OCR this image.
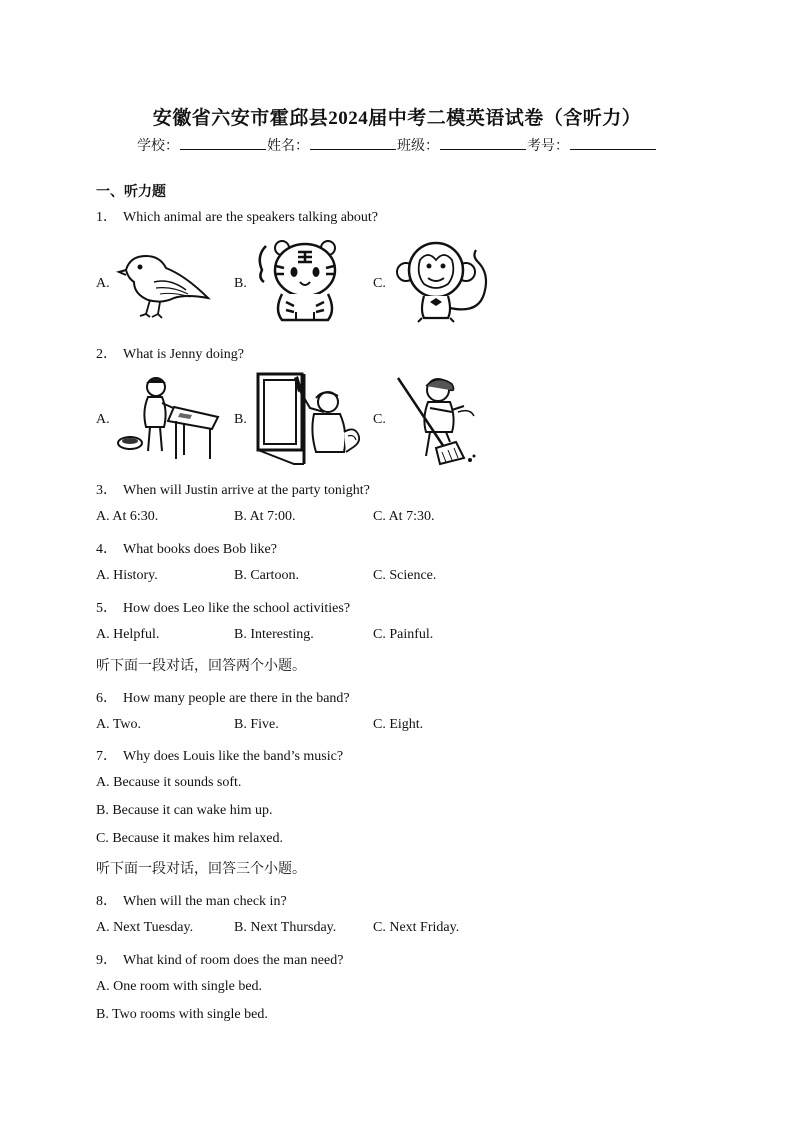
安徽省六安市霍邱县2024届中考二模英语试卷（含听力）
学校：	姓名：	班级：	考号：
一、听力题
1． Which animal are the speakers talking about?
A.	B.	C.
2． What is Jenny doing?
A.	B.	C.
3． When will Justin arrive at the party tonight?
A. At 6:30.	B. At 7:00.	C. At 7:30.
4． What books does Bob like?
A. History.	B. Cartoon.	C. Science.
5． How does Leo like the school activities?
A. Helpful.	B. Interesting.	C. Painful.
听下面一段对话，回答两个小题。
6． How many people are there in the band?
A. Two.	B. Five.	C. Eight.
7． Why does Louis like the band’s music?
A. Because it sounds soft.
B. Because it can wake him up.
C. Because it makes him relaxed.
听下面一段对话，回答三个小题。
8． When will the man check in?
A. Next Tuesday.	B. Next Thursday.	C. Next Friday.
9． What kind of room does the man need?
A. One room with single bed.
B. Two rooms with single bed.
